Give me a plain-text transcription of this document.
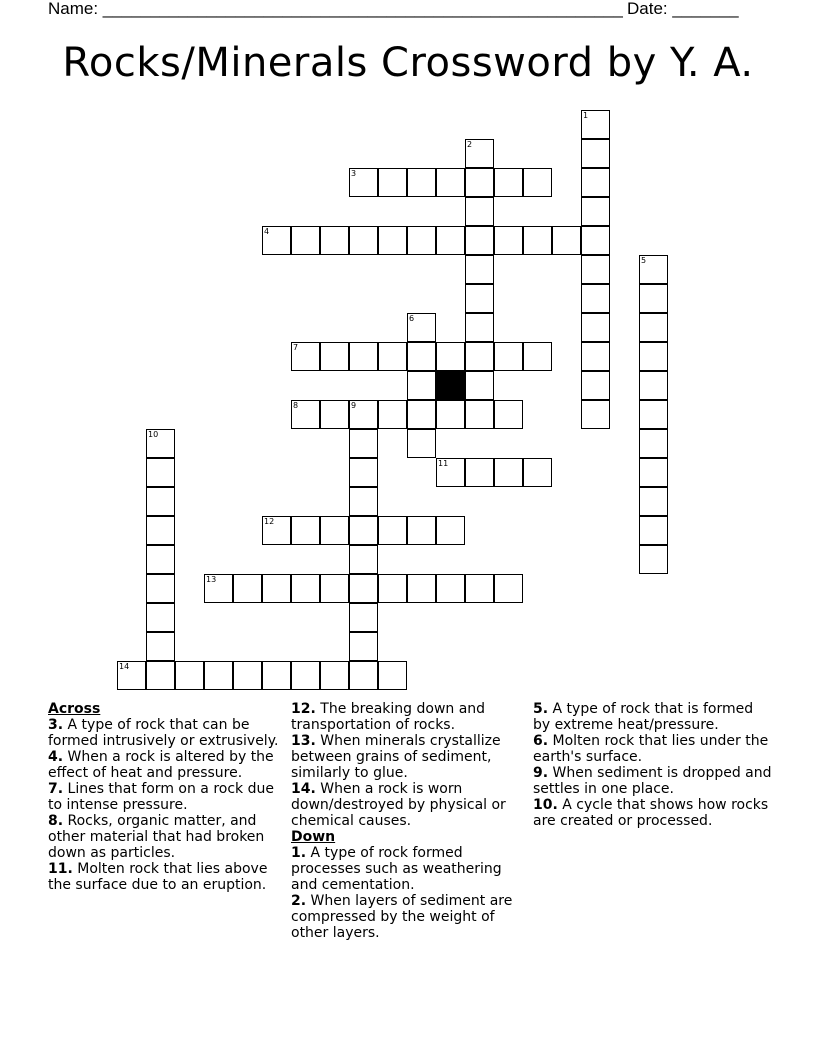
Name: _______________________________________________________ Date: _______
Rocks/Minerals Crossword by Y. A.
1
2
3
4
5
6
7
8	9
10
11
12
13
14

Across

3. A type of rock that can be formed intrusively or extrusively.

4. When a rock is altered by the effect of heat and pressure.

7. Lines that form on a rock due to intense pressure.

8. Rocks, organic matter, and other material that had broken down as particles.

11. Molten rock that lies above the surface due to an eruption.

12. The breaking down and transportation of rocks.

13. When minerals crystallize between grains of sediment, similarly to glue.

14. When a rock is worn down/destroyed by physical or chemical causes.

Down

1. A type of rock formed processes such as weathering and cementation.

2. When layers of sediment are compressed by the weight of other layers.

5. A type of rock that is formed by extreme heat/pressure.

6. Molten rock that lies under the earth's surface.

9. When sediment is dropped and settles in one place.

10. A cycle that shows how rocks are created or processed.
